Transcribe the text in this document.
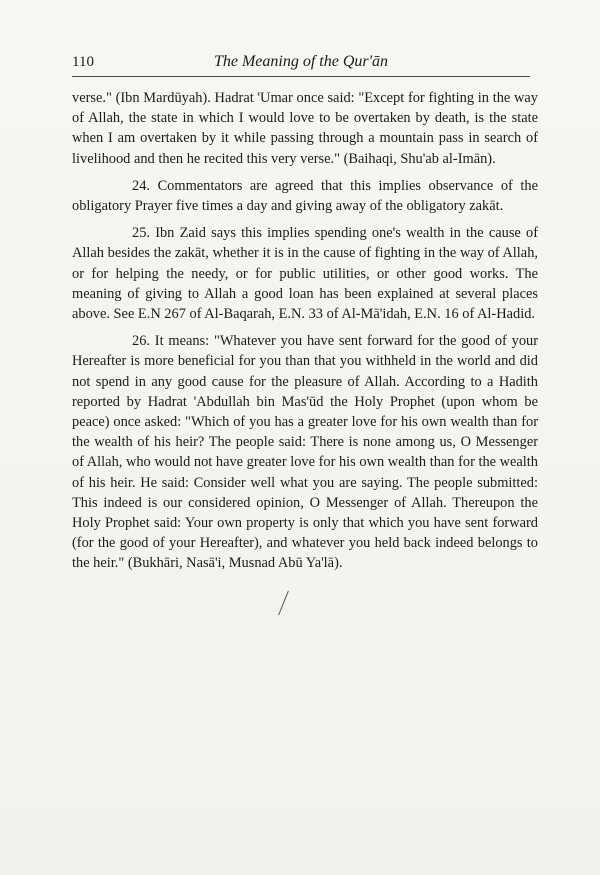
110	The Meaning of the Qur'ān

verse." (Ibn Mardūyah). Hadrat 'Umar once said: "Except for fighting in the way of Allah, the state in which I would love to be overtaken by death, is the state when I am overtaken by it while passing through a mountain pass in search of livelihood and then he recited this very verse." (Baihaqi, Shu'ab al-Imān).

24. Commentators are agreed that this implies observance of the obligatory Prayer five times a day and giving away of the obligatory zakāt.

25. Ibn Zaid says this implies spending one's wealth in the cause of Allah besides the zakāt, whether it is in the cause of fighting in the way of Allah, or for helping the needy, or for public utilities, or other good works. The meaning of giving to Allah a good loan has been explained at several places above. See E.N 267 of Al-Baqarah, E.N. 33 of Al-Mā'idah, E.N. 16 of Al-Hadid.

26. It means: "Whatever you have sent forward for the good of your Hereafter is more beneficial for you than that you withheld in the world and did not spend in any good cause for the pleasure of Allah. According to a Hadith reported by Hadrat 'Abdullah bin Mas'ūd the Holy Prophet (upon whom be peace) once asked: "Which of you has a greater love for his own wealth than for the wealth of his heir? The people said: There is none among us, O Messenger of Allah, who would not have greater love for his own wealth than for the wealth of his heir. He said: Consider well what you are saying. The people submitted: This indeed is our considered opinion, O Messenger of Allah. Thereupon the Holy Prophet said: Your own property is only that which you have sent forward (for the good of your Hereafter), and whatever you held back indeed belongs to the heir." (Bukhāri, Nasā'i, Musnad Abū Ya'lā).
